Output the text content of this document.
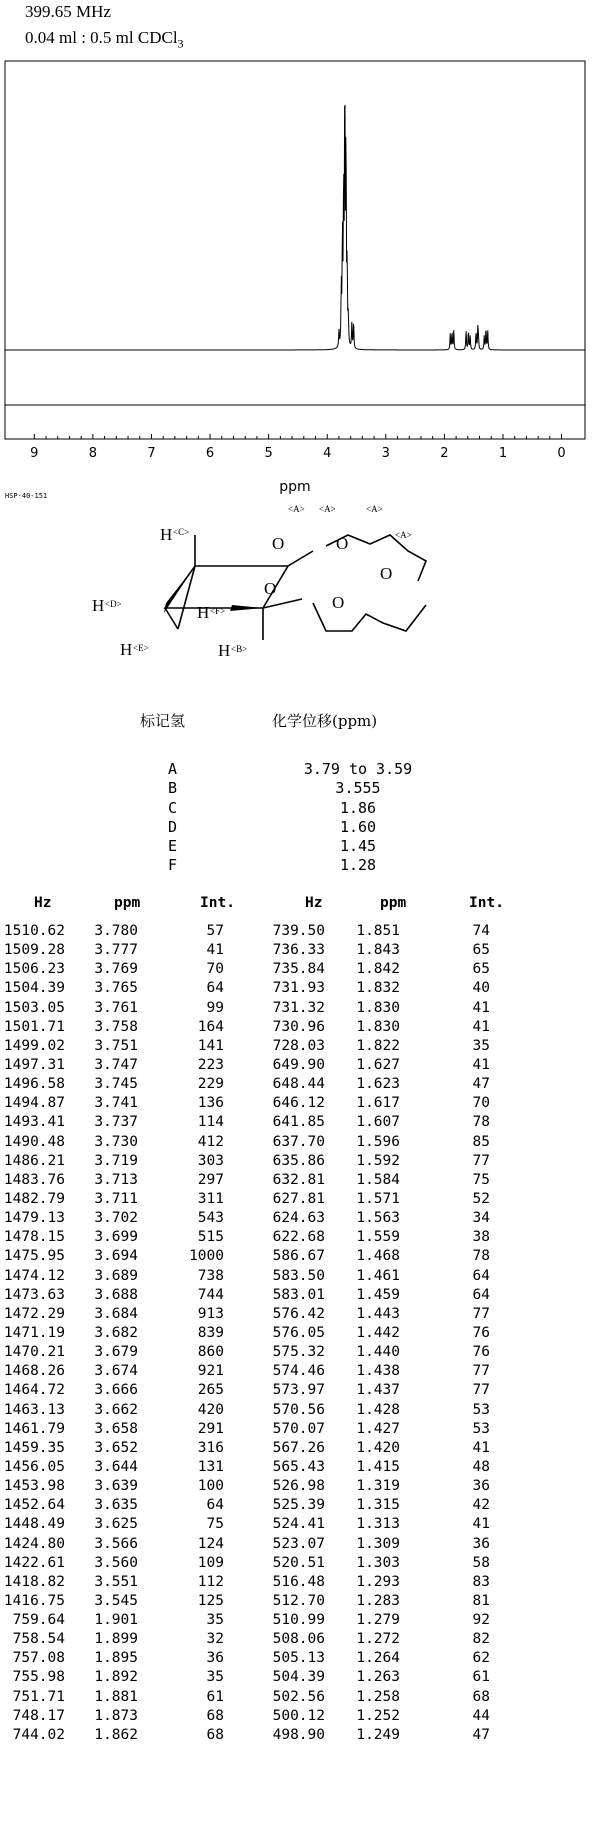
399.65 MHz
0.04 ml : 0.5 ml CDCl$_3$
9	8	7	6	5	4	3	2	1	0
ppm
HSP-40-151
H
H	H
H
H
O	O
O
O
O
<C>
<D>
<F>
<B>
<E>
<A> <A>	<A>
<A>
标记氢	化学位移(ppm)
A	3.79 to 3.59
B	3.555
C	1.86
D	1.60
E	1.45
F	1.28
Hz	ppm	Int.	Hz	ppm	Int.
1510.62 3.780	57	739.50 1.851	74
1509.28 3.777	41	736.33 1.843	65
1506.23 3.769	70	735.84 1.842	65
1504.39 3.765	64	731.93 1.832	40
1503.05 3.761	99	731.32 1.830	41
1501.71 3.758	164	730.96 1.830	41
1499.02 3.751	141	728.03 1.822	35
1497.31 3.747	223	649.90 1.627	41
1496.58 3.745	229	648.44 1.623	47
1494.87 3.741	136	646.12 1.617	70
1493.41 3.737	114	641.85 1.607	78
1490.48 3.730	412	637.70 1.596	85
1486.21 3.719	303	635.86 1.592	77
1483.76 3.713	297	632.81 1.584	75
1482.79 3.711	311	627.81 1.571	52
1479.13 3.702	543	624.63 1.563	34
1478.15 3.699	515	622.68 1.559	38
1475.95 3.694	1000	586.67 1.468	78
1474.12 3.689	738	583.50 1.461	64
1473.63 3.688	744	583.01 1.459	64
1472.29 3.684	913	576.42 1.443	77
1471.19 3.682	839	576.05 1.442	76
1470.21 3.679	860	575.32 1.440	76
1468.26 3.674	921	574.46 1.438	77
1464.72 3.666	265	573.97 1.437	77
1463.13 3.662	420	570.56 1.428	53
1461.79 3.658	291	570.07 1.427	53
1459.35 3.652	316	567.26 1.420	41
1456.05 3.644	131	565.43 1.415	48
1453.98 3.639	100	526.98 1.319	36
1452.64 3.635	64	525.39 1.315	42
1448.49 3.625	75	524.41 1.313	41
1424.80 3.566	124	523.07 1.309	36
1422.61 3.560	109	520.51 1.303	58
1418.82 3.551	112	516.48 1.293	83
1416.75 3.545	125	512.70 1.283	81
759.64 1.901	35	510.99 1.279	92
758.54 1.899	32	508.06 1.272	82
757.08 1.895	36	505.13 1.264	62
755.98 1.892	35	504.39 1.263	61
751.71 1.881	61	502.56 1.258	68
748.17 1.873	68	500.12 1.252	44
744.02 1.862	68	498.90 1.249	47
